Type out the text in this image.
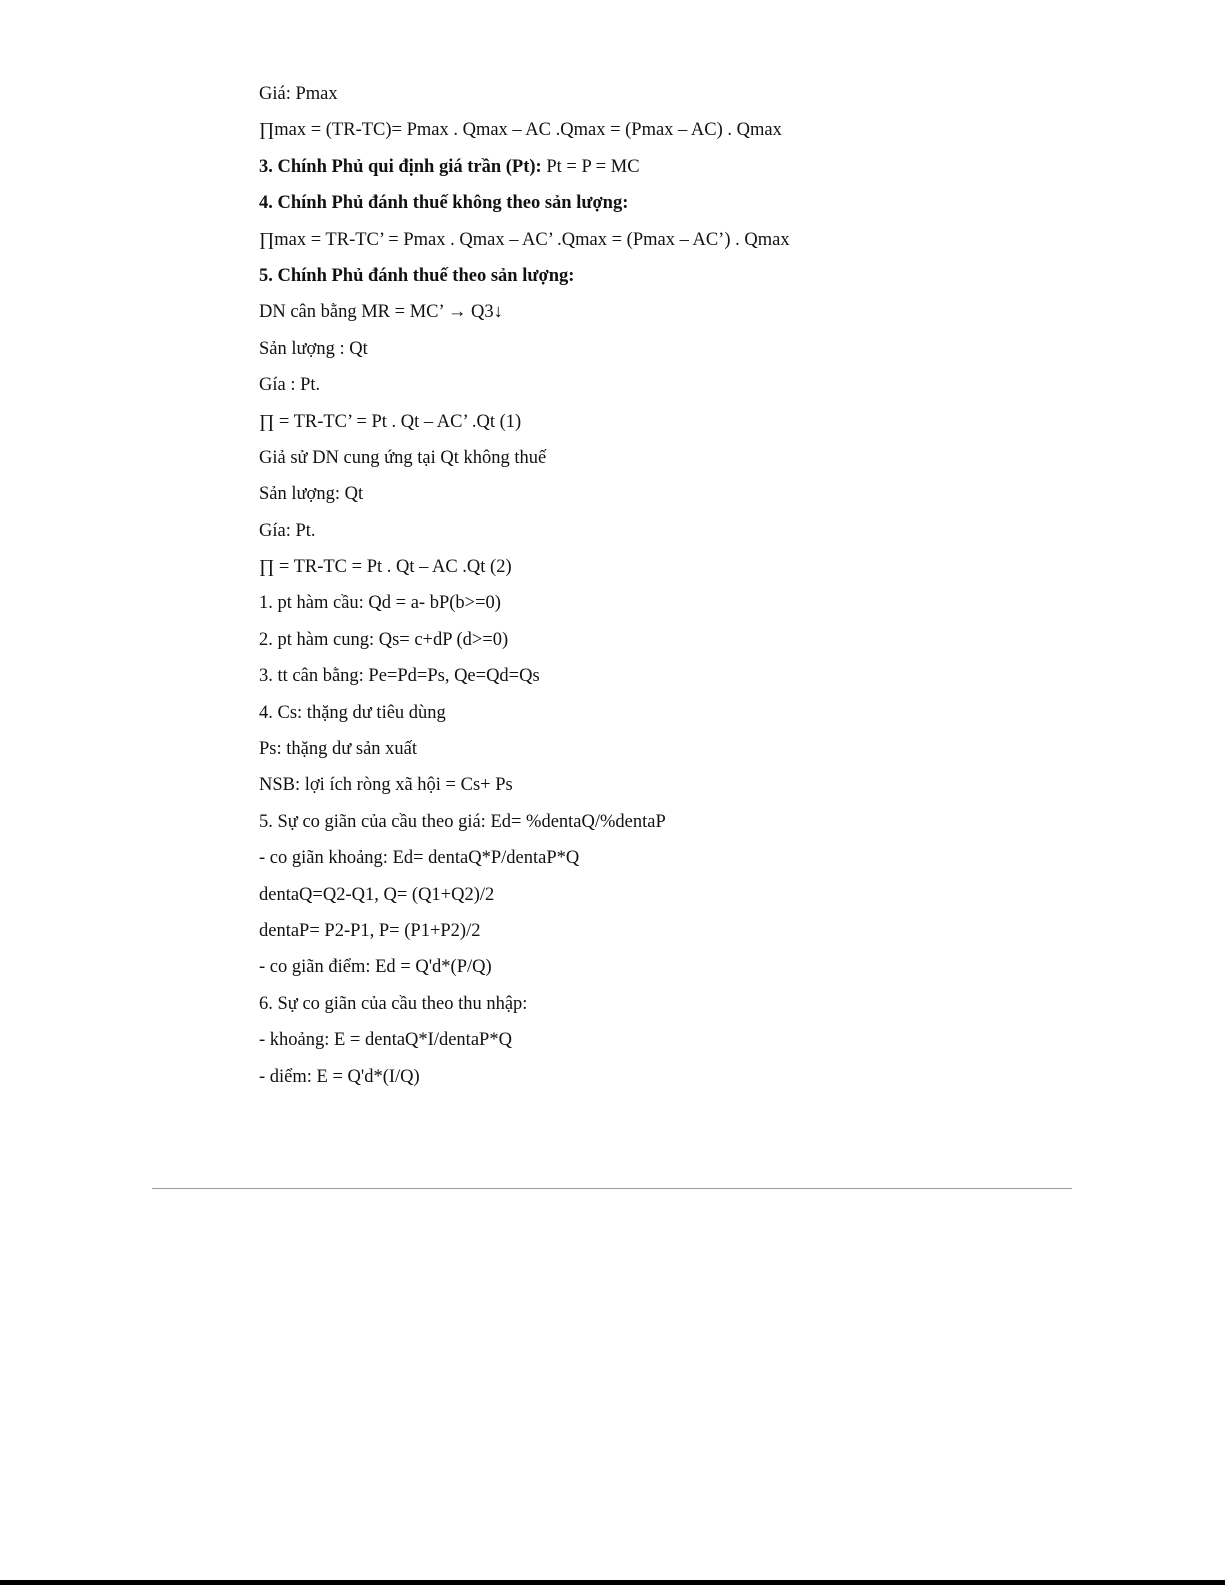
Giá: Pmax
∏max = (TR-TC)= Pmax . Qmax – AC .Qmax = (Pmax – AC) . Qmax
3. Chính Phủ qui định giá trần (Pt): Pt = P = MC
4. Chính Phủ đánh thuế không theo sản lượng:
∏max = TR-TC’ = Pmax . Qmax – AC’ .Qmax = (Pmax – AC’) . Qmax
5. Chính Phủ đánh thuế theo sản lượng:
DN cân bằng MR = MC’ → Q3↓
Sản lượng : Qt
Gía : Pt.
∏ = TR-TC’ = Pt . Qt – AC’ .Qt (1)
Giả sử DN cung ứng tại Qt không thuế
Sản lượng: Qt
Gía: Pt.
∏ = TR-TC = Pt . Qt – AC .Qt (2)
1. pt hàm cầu: Qd = a- bP(b>=0)
2. pt hàm cung: Qs= c+dP (d>=0)
3. tt cân bằng: Pe=Pd=Ps, Qe=Qd=Qs
4. Cs: thặng dư tiêu dùng
Ps: thặng dư sản xuất
NSB: lợi ích ròng xã hội = Cs+ Ps
5. Sự co giãn của cầu theo giá: Ed= %dentaQ/%dentaP
- co giãn khoảng: Ed= dentaQ*P/dentaP*Q
dentaQ=Q2-Q1, Q= (Q1+Q2)/2
dentaP= P2-P1, P= (P1+P2)/2
- co giãn điểm: Ed = Q'd*(P/Q)
6. Sự co giãn của cầu theo thu nhập:
- khoảng: E = dentaQ*I/dentaP*Q
- diểm: E = Q'd*(I/Q)
